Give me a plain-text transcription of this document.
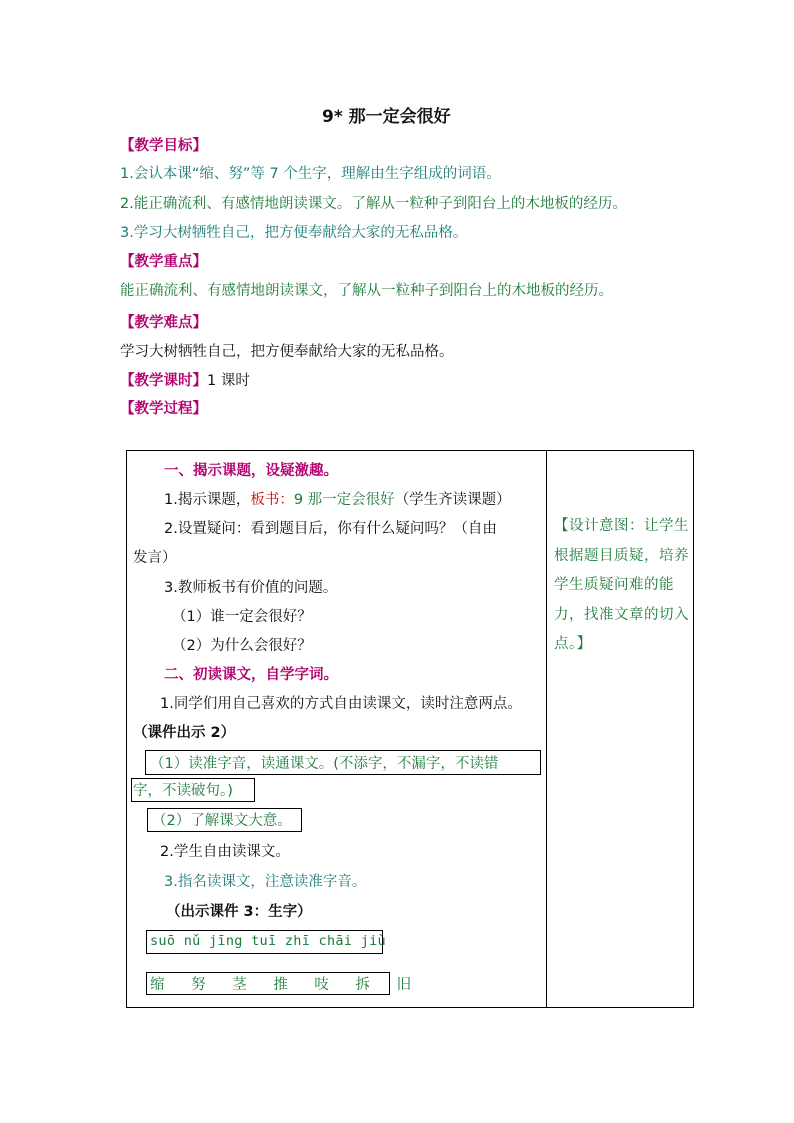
9* 那一定会很好
【教学目标】
1.会认本课“缩、努”等 7 个生字，理解由生字组成的词语。
2.能正确流利、有感情地朗读课文。了解从一粒种子到阳台上的木地板的经历。
3.学习大树牺牲自己，把方便奉献给大家的无私品格。
【教学重点】
能正确流利、有感情地朗读课文，了解从一粒种子到阳台上的木地板的经历。
【教学难点】
学习大树牺牲自己，把方便奉献给大家的无私品格。
【教学课时】1 课时
【教学过程】
一、揭示课题，设疑激趣。
1.揭示课题，板书：9 那一定会很好（学生齐读课题）
2.设置疑问：看到题目后，你有什么疑问吗？（自由
发言）
3.教师板书有价值的问题。
（1）谁一定会很好？
（2）为什么会很好？
二、初读课文，自学字词。
1.同学们用自己喜欢的方式自由读课文，读时注意两点。
（课件出示 2）
（1）读准字音，读通课文。(不添字，不漏字，不读错
字，不读破句。)
（2）了解课文大意。
2.学生自由读课文。
3.指名读课文，注意读准字音。
（出示课件 3：生字）
suō nǔ jīng tuī zhī chāi jiù
缩 努 茎 推 吱 拆 旧
【设计意图：让学生根据题目质疑，培养学生质疑问难的能力，找准文章的切入点。】
